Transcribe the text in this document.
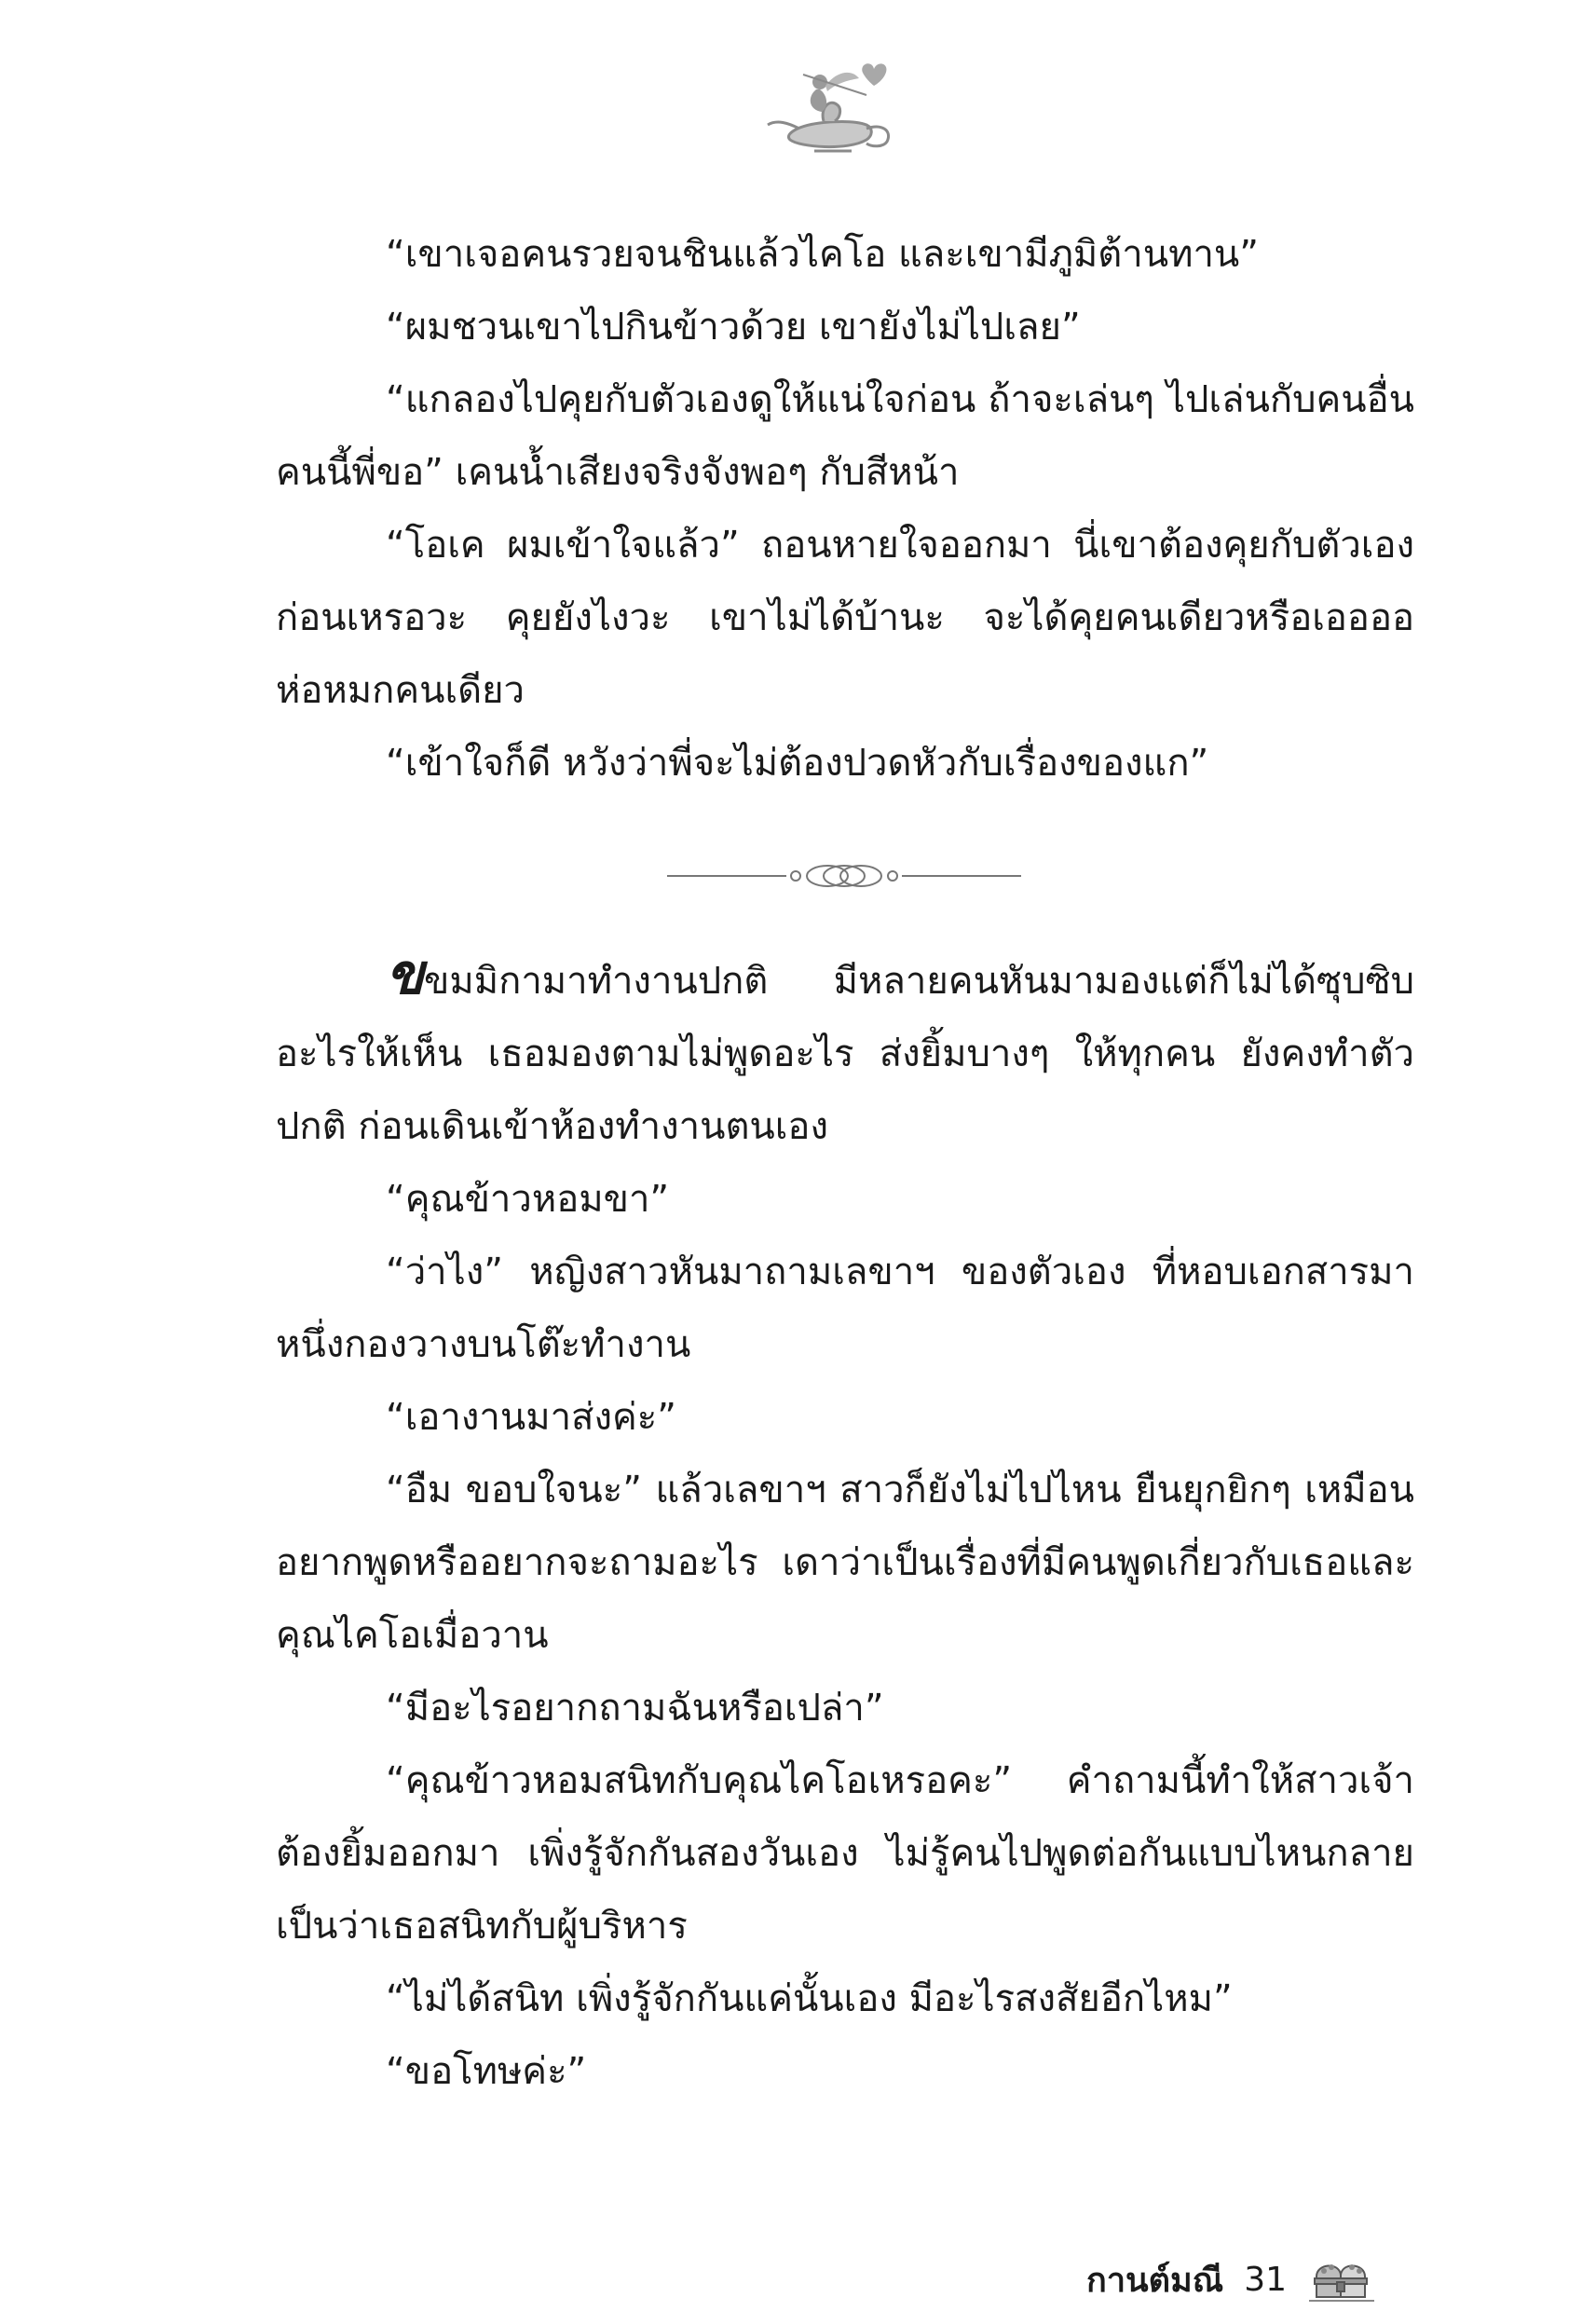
“เขาเจอคนรวยจนชินแล้วไคโอ และเขามีภูมิต้านทาน”

“ผมชวนเขาไปกินข้าวด้วย เขายังไม่ไปเลย”

“แกลองไปคุยกับตัวเองดูให้แน่ใจก่อน ถ้าจะเล่นๆ ไปเล่นกับคนอื่น คนนี้พี่ขอ” เคนน้ำเสียงจริงจังพอๆ กับสีหน้า

“โอเค ผมเข้าใจแล้ว” ถอนหายใจออกมา นี่เขาต้องคุยกับตัวเองก่อนเหรอวะ คุยยังไงวะ เขาไม่ได้บ้านะ จะได้คุยคนเดียวหรือเออออห่อหมกคนเดียว

“เข้าใจก็ดี หวังว่าพี่จะไม่ต้องปวดหัวกับเรื่องของแก”

ขขมมิกามาทำงานปกติ มีหลายคนหันมามองแต่ก็ไม่ได้ซุบซิบอะไรให้เห็น เธอมองตามไม่พูดอะไร ส่งยิ้มบางๆ ให้ทุกคน ยังคงทำตัวปกติ ก่อนเดินเข้าห้องทำงานตนเอง

“คุณข้าวหอมขา”

“ว่าไง” หญิงสาวหันมาถามเลขาฯ ของตัวเอง ที่หอบเอกสารมาหนึ่งกองวางบนโต๊ะทำงาน

“เอางานมาส่งค่ะ”

“อืม ขอบใจนะ” แล้วเลขาฯ สาวก็ยังไม่ไปไหน ยืนยุกยิกๆ เหมือนอยากพูดหรืออยากจะถามอะไร เดาว่าเป็นเรื่องที่มีคนพูดเกี่ยวกับเธอและคุณไคโอเมื่อวาน

“มีอะไรอยากถามฉันหรือเปล่า”

“คุณข้าวหอมสนิทกับคุณไคโอเหรอคะ” คำถามนี้ทำให้สาวเจ้าต้องยิ้มออกมา เพิ่งรู้จักกันสองวันเอง ไม่รู้คนไปพูดต่อกันแบบไหนกลายเป็นว่าเธอสนิทกับผู้บริหาร

“ไม่ได้สนิท เพิ่งรู้จักกันแค่นั้นเอง มีอะไรสงสัยอีกไหม”

“ขอโทษค่ะ”

กานต์มณี 31
